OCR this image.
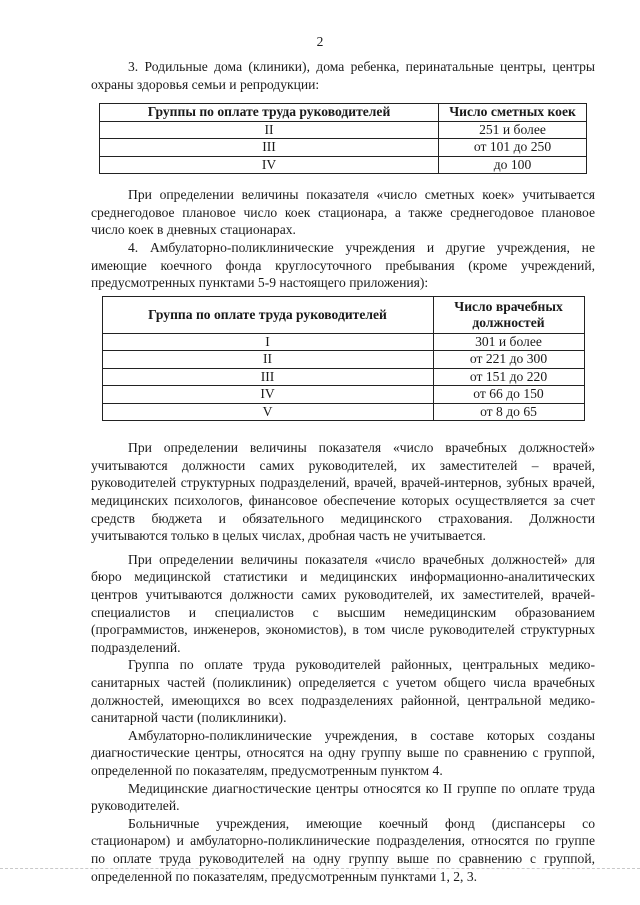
2

3. Родильные дома (клиники), дома ребенка, перинатальные центры, центры охраны здоровья семьи и репродукции:

Группы по оплате труда руководителей	Число сметных коек
II	251 и более
III	от 101 до 250
IV	до 100

При определении величины показателя «число сметных коек» учитывается среднегодовое плановое число коек стационара, а также среднегодовое плановое число коек в дневных стационарах.

4. Амбулаторно-поликлинические учреждения и другие учреждения, не имеющие коечного фонда круглосуточного пребывания (кроме учреждений, предусмотренных пунктами 5-9 настоящего приложения):

Группа по оплате труда руководителей	Число врачебных должностей
I	301 и более
II	от 221 до 300
III	от 151 до 220
IV	от 66 до 150
V	от 8 до 65

При определении величины показателя «число врачебных должностей» учитываются должности самих руководителей, их заместителей – врачей, руководителей структурных подразделений, врачей, врачей-интернов, зубных врачей, медицинских психологов, финансовое обеспечение которых осуществляется за счет средств бюджета и обязательного медицинского страхования. Должности учитываются только в целых числах, дробная часть не учитывается.

При определении величины показателя «число врачебных должностей» для бюро медицинской статистики и медицинских информационно-аналитических центров учитываются должности самих руководителей, их заместителей, врачей-специалистов и специалистов с высшим немедицинским образованием (программистов, инженеров, экономистов), в том числе руководителей структурных подразделений.

Группа по оплате труда руководителей районных, центральных медико-санитарных частей (поликлиник) определяется с учетом общего числа врачебных должностей, имеющихся во всех подразделениях районной, центральной медико-санитарной части (поликлиники).

Амбулаторно-поликлинические учреждения, в составе которых созданы диагностические центры, относятся на одну группу выше по сравнению с группой, определенной по показателям, предусмотренным пунктом 4.

Медицинские диагностические центры относятся ко II группе по оплате труда руководителей.

Больничные учреждения, имеющие коечный фонд (диспансеры со стационаром) и амбулаторно-поликлинические подразделения, относятся по группе по оплате труда руководителей на одну группу выше по сравнению с группой, определенной по показателям, предусмотренным пунктами 1, 2, 3.
